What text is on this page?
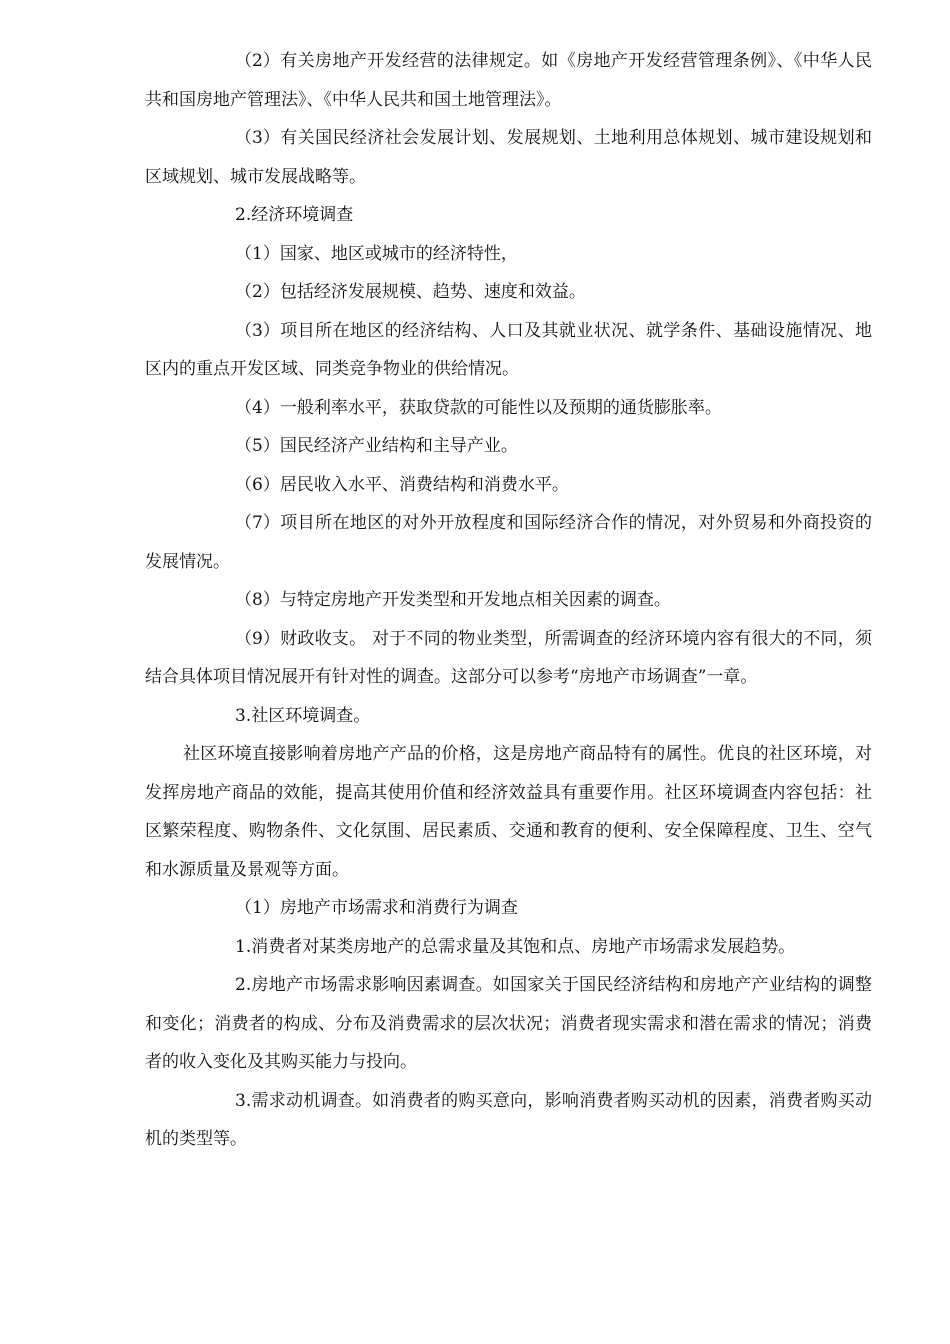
（2）有关房地产开发经营的法律规定。如《房地产开发经营管理条例》、《中华人民共和国房地产管理法》、《中华人民共和国土地管理法》。

（3）有关国民经济社会发展计划、发展规划、土地利用总体规划、城市建设规划和区域规划、城市发展战略等。

2.经济环境调查

（1）国家、地区或城市的经济特性，

（2）包括经济发展规模、趋势、速度和效益。

（3）项目所在地区的经济结构、人口及其就业状况、就学条件、基础设施情况、地区内的重点开发区域、同类竞争物业的供给情况。

（4）一般利率水平，获取贷款的可能性以及预期的通货膨胀率。

（5）国民经济产业结构和主导产业。

（6）居民收入水平、消费结构和消费水平。

（7）项目所在地区的对外开放程度和国际经济合作的情况，对外贸易和外商投资的发展情况。

（8）与特定房地产开发类型和开发地点相关因素的调查。

（9）财政收支。 对于不同的物业类型，所需调查的经济环境内容有很大的不同，须结合具体项目情况展开有针对性的调查。这部分可以参考“房地产市场调查”一章。

3.社区环境调查。

社区环境直接影响着房地产产品的价格，这是房地产商品特有的属性。优良的社区环境，对发挥房地产商品的效能，提高其使用价值和经济效益具有重要作用。社区环境调查内容包括：社区繁荣程度、购物条件、文化氛围、居民素质、交通和教育的便利、安全保障程度、卫生、空气和水源质量及景观等方面。

（1）房地产市场需求和消费行为调查

1.消费者对某类房地产的总需求量及其饱和点、房地产市场需求发展趋势。

2.房地产市场需求影响因素调查。如国家关于国民经济结构和房地产产业结构的调整和变化；消费者的构成、分布及消费需求的层次状况；消费者现实需求和潜在需求的情况；消费者的收入变化及其购买能力与投向。

3.需求动机调查。如消费者的购买意向，影响消费者购买动机的因素，消费者购买动机的类型等。
